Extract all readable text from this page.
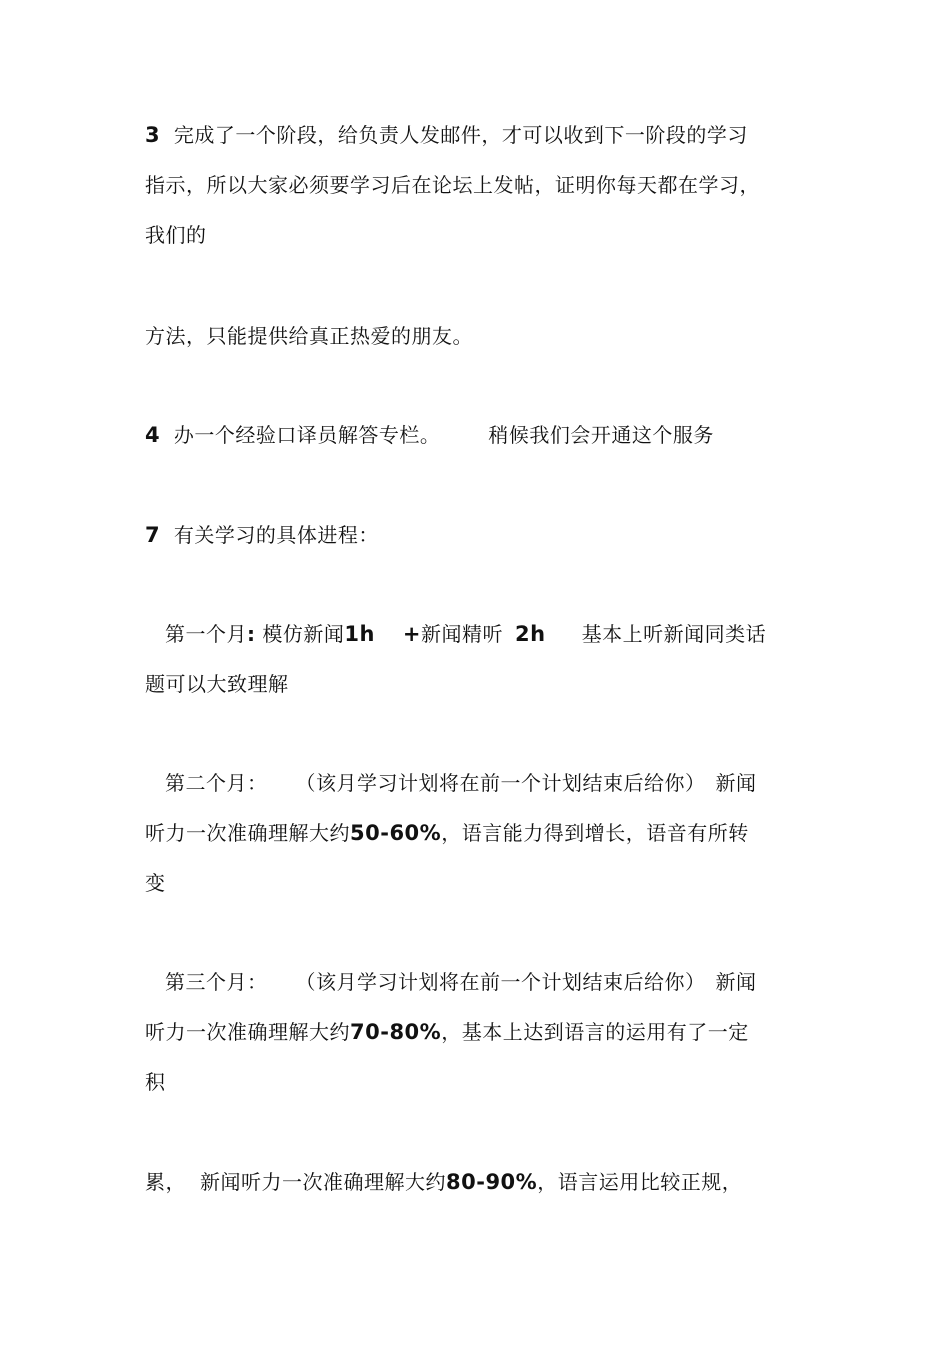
3 完成了一个阶段，给负责人发邮件，才可以收到下一阶段的学习
指示，所以大家必须要学习后在论坛上发帖，证明你每天都在学习，
我们的
方法，只能提供给真正热爱的朋友。
4 办一个经验口译员解答专栏。 稍候我们会开通这个服务
7 有关学习的具体进程：
第一个月: 模仿新闻1h +新闻精听 2h 基本上听新闻同类话
题可以大致理解
第二个月： （该月学习计划将在前一个计划结束后给你） 新闻
听力一次准确理解大约50-60%，语言能力得到增长，语音有所转
变
第三个月： （该月学习计划将在前一个计划结束后给你） 新闻
听力一次准确理解大约70-80%，基本上达到语言的运用有了一定
积
累， 新闻听力一次准确理解大约80-90%，语言运用比较正规，
